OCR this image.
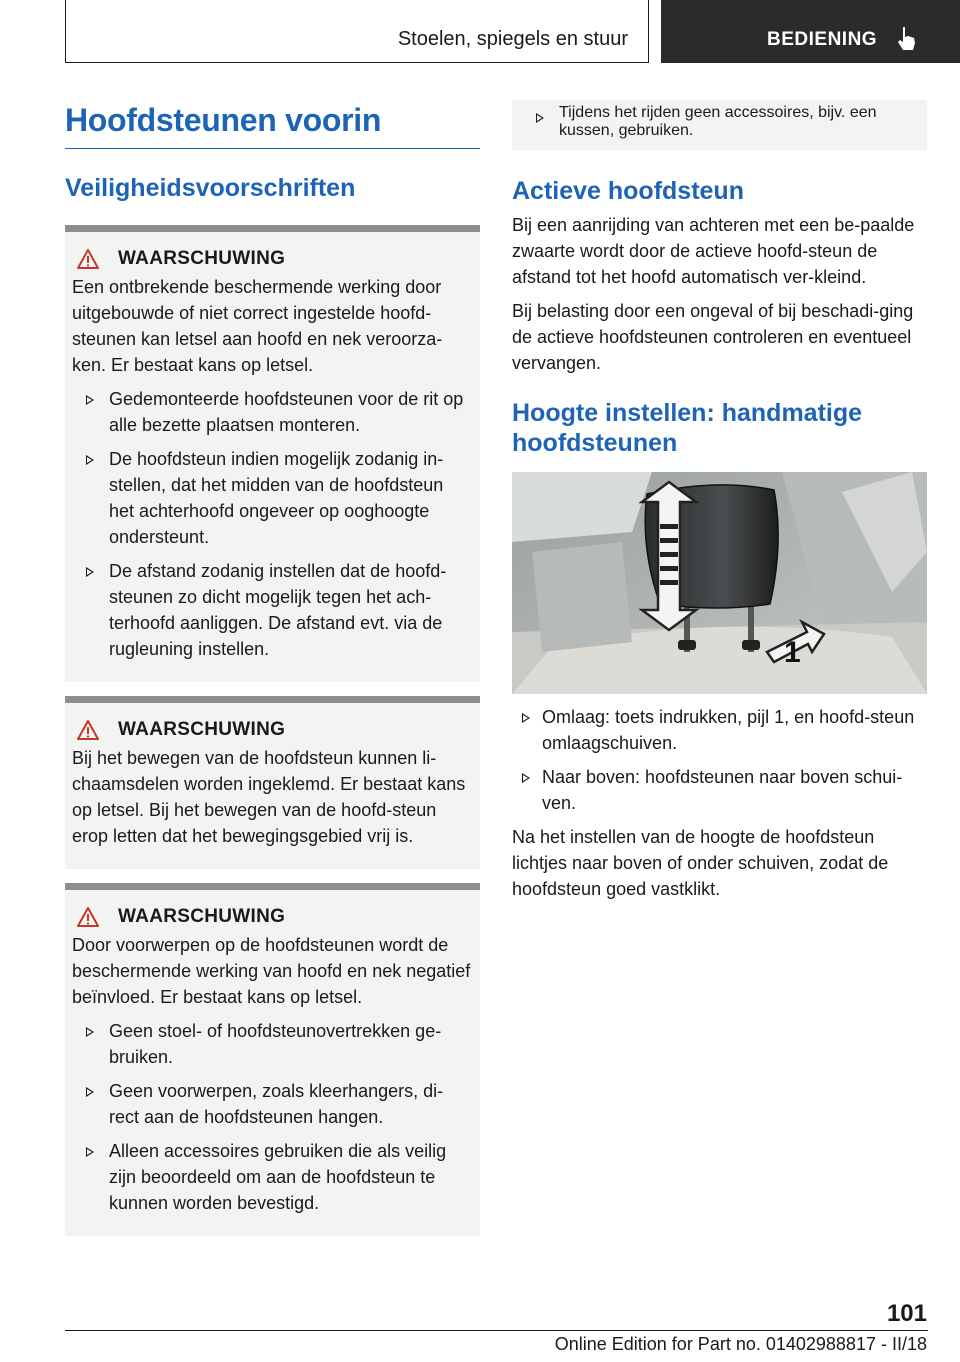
Stoelen, spiegels en stuur	BEDIENING
Hoofdsteunen voorin
Veiligheidsvoorschriften
WAARSCHUWING
Een ontbrekende beschermende werking door uitgebouwde of niet correct ingestelde hoofd-steunen kan letsel aan hoofd en nek veroorza-ken. Er bestaat kans op letsel.
Gedemonteerde hoofdsteunen voor de rit op alle bezette plaatsen monteren.
De hoofdsteun indien mogelijk zodanig in-stellen, dat het midden van de hoofdsteun het achterhoofd ongeveer op ooghoogte ondersteunt.
De afstand zodanig instellen dat de hoofd-steunen zo dicht mogelijk tegen het ach-terhoofd aanliggen. De afstand evt. via de rugleuning instellen.
WAARSCHUWING
Bij het bewegen van de hoofdsteun kunnen li-chaamsdelen worden ingeklemd. Er bestaat kans op letsel. Bij het bewegen van de hoofd-steun erop letten dat het bewegingsgebied vrij is.
WAARSCHUWING
Door voorwerpen op de hoofdsteunen wordt de beschermende werking van hoofd en nek negatief beïnvloed. Er bestaat kans op letsel.
Geen stoel- of hoofdsteunovertrekken ge-bruiken.
Geen voorwerpen, zoals kleerhangers, di-rect aan de hoofdsteunen hangen.
Alleen accessoires gebruiken die als veilig zijn beoordeeld om aan de hoofdsteun te kunnen worden bevestigd.
Tijdens het rijden geen accessoires, bijv. een kussen, gebruiken.
Actieve hoofdsteun

Bij een aanrijding van achteren met een be-paalde zwaarte wordt door de actieve hoofd-steun de afstand tot het hoofd automatisch ver-kleind.

Bij belasting door een ongeval of bij beschadi-ging de actieve hoofdsteunen controleren en eventueel vervangen.

Hoogte instellen: handmatige hoofdsteunen
1
Omlaag: toets indrukken, pijl 1, en hoofd-steun omlaagschuiven.
Naar boven: hoofdsteunen naar boven schui-ven.

Na het instellen van de hoogte de hoofdsteun lichtjes naar boven of onder schuiven, zodat de hoofdsteun goed vastklikt.

101
Online Edition for Part no. 01402988817 - II/18
